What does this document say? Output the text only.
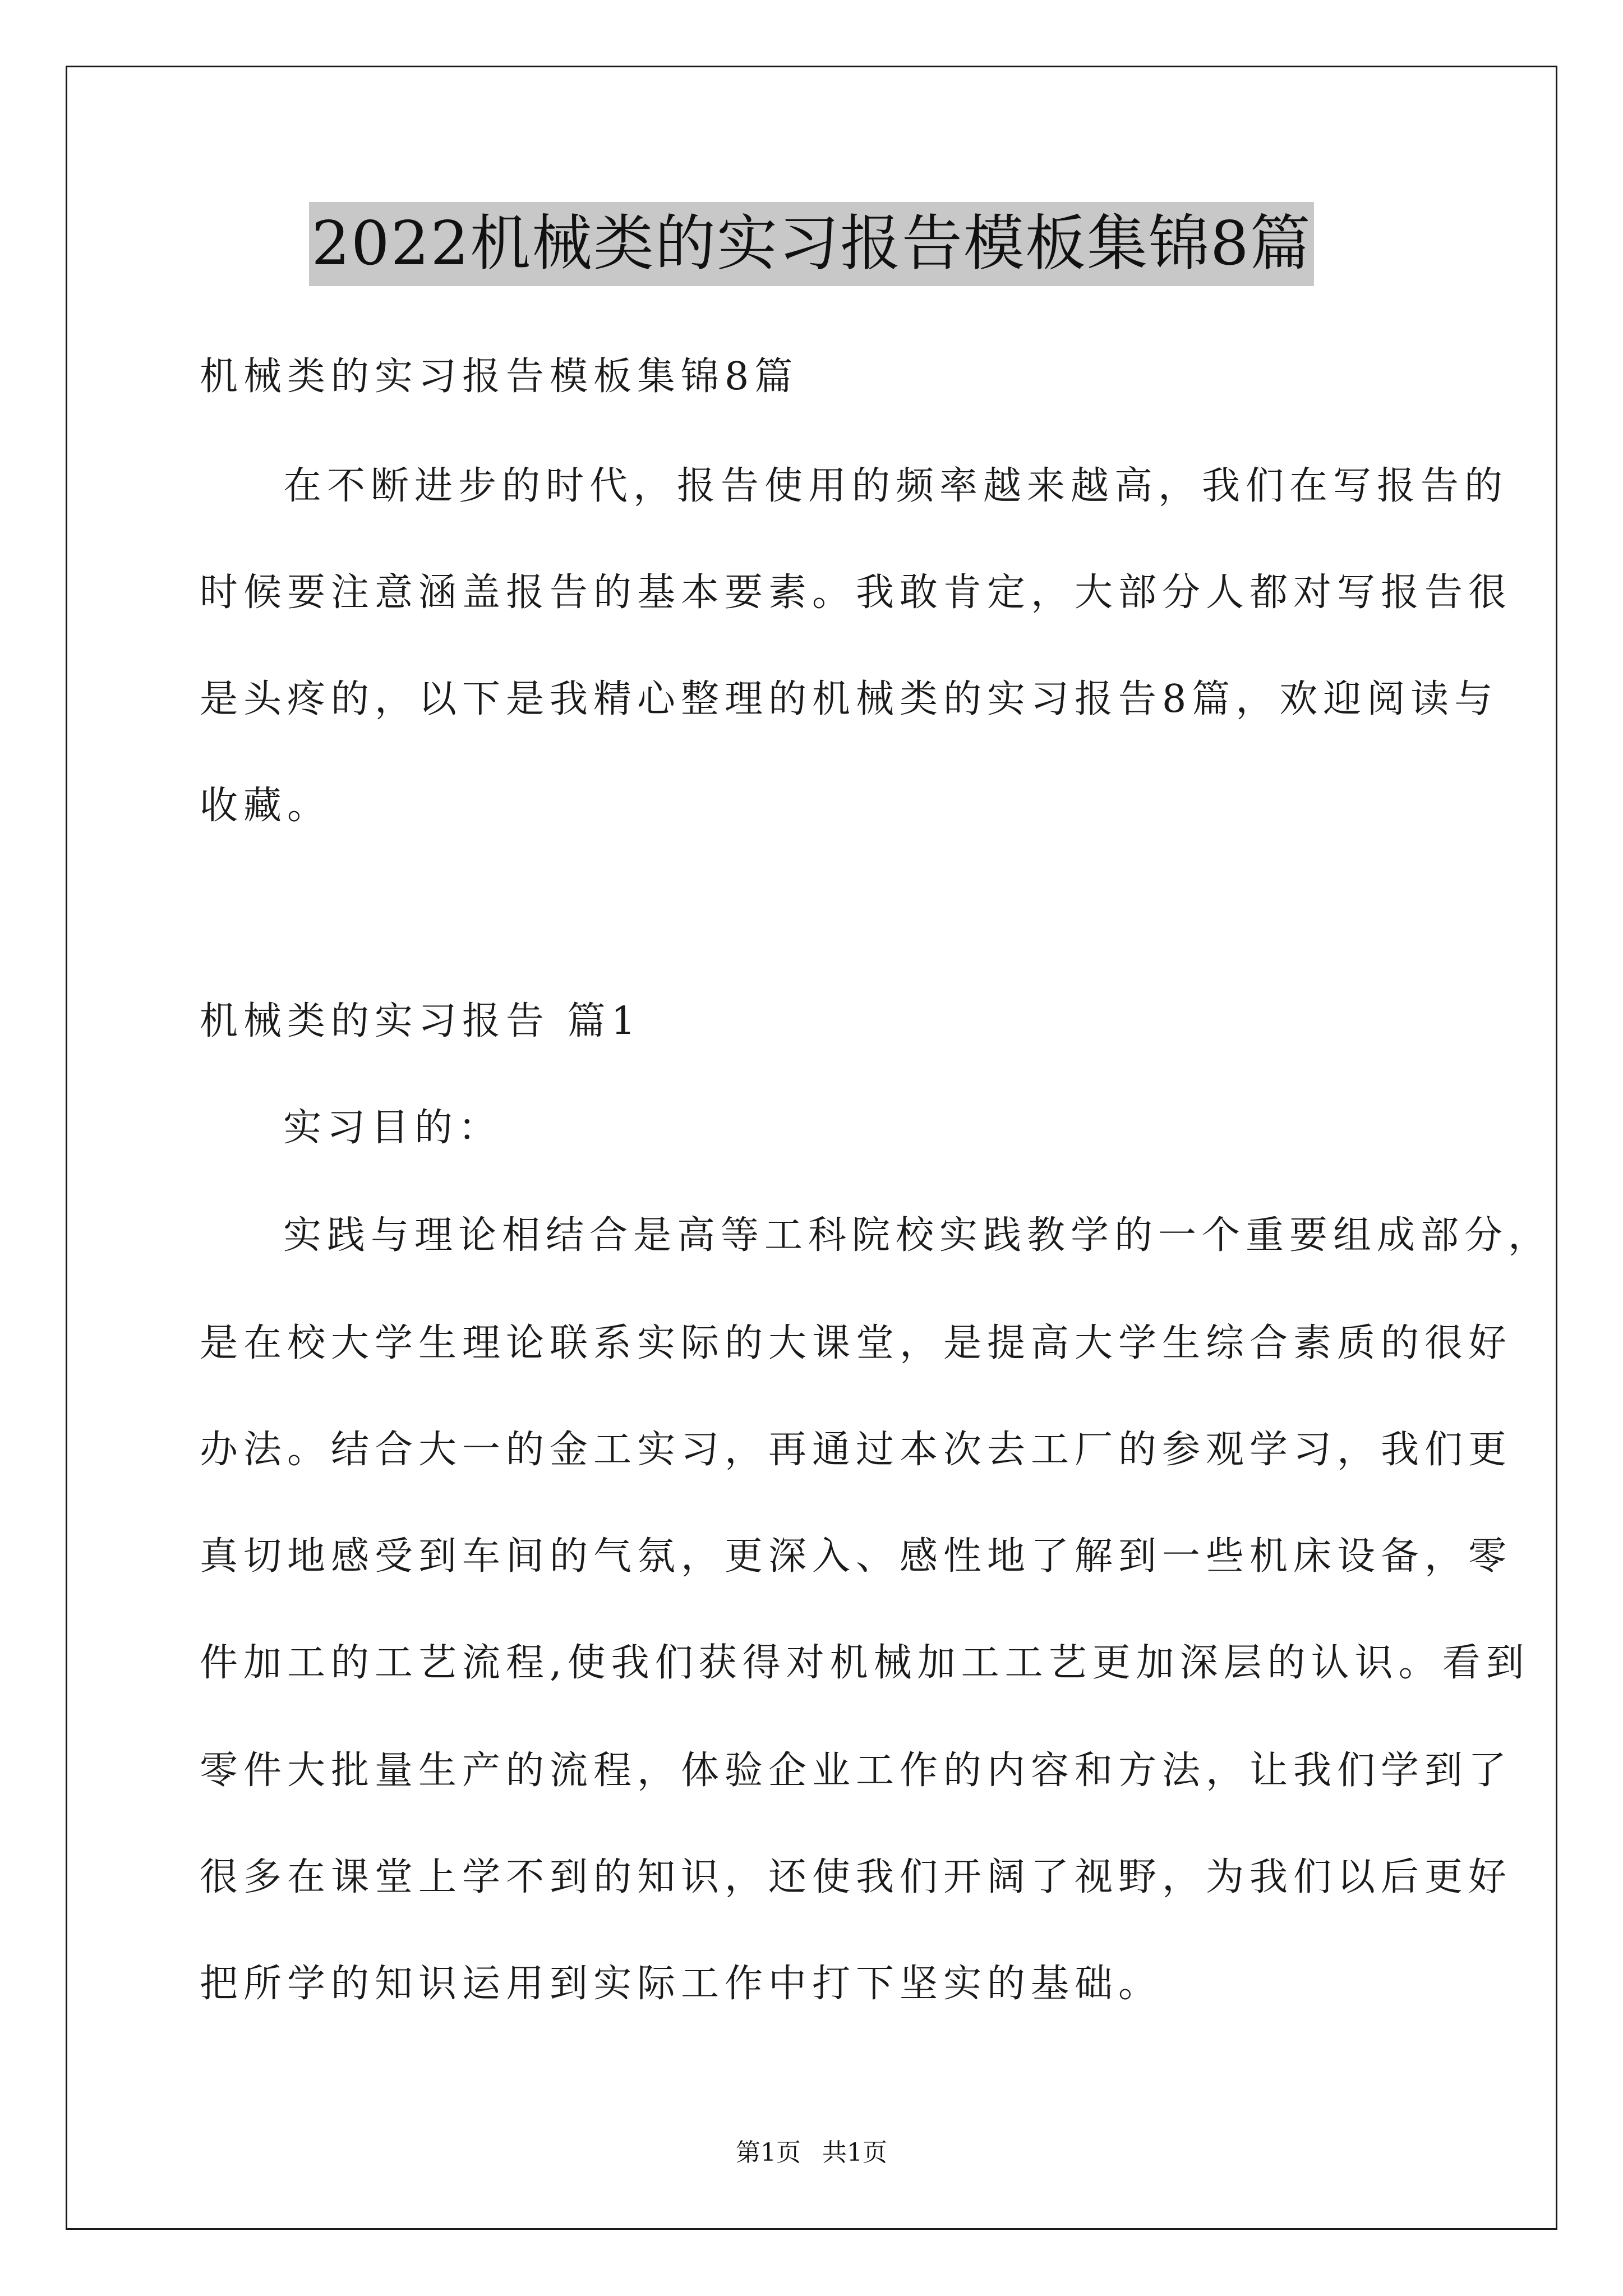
2022机械类的实习报告模板集锦8篇
机械类的实习报告模板集锦8篇
在不断进步的时代，报告使用的频率越来越高，我们在写报告的
时候要注意涵盖报告的基本要素。我敢肯定，大部分人都对写报告很
是头疼的，以下是我精心整理的机械类的实习报告8篇，欢迎阅读与
收藏。
机械类的实习报告 篇1
实习目的：
实践与理论相结合是高等工科院校实践教学的一个重要组成部分，
是在校大学生理论联系实际的大课堂，是提高大学生综合素质的很好
办法。结合大一的金工实习，再通过本次去工厂的参观学习，我们更
真切地感受到车间的气氛，更深入、感性地了解到一些机床设备，零
件加工的工艺流程,使我们获得对机械加工工艺更加深层的认识。看到
零件大批量生产的流程，体验企业工作的内容和方法，让我们学到了
很多在课堂上学不到的知识，还使我们开阔了视野，为我们以后更好
把所学的知识运用到实际工作中打下坚实的基础。
第1页 共1页
